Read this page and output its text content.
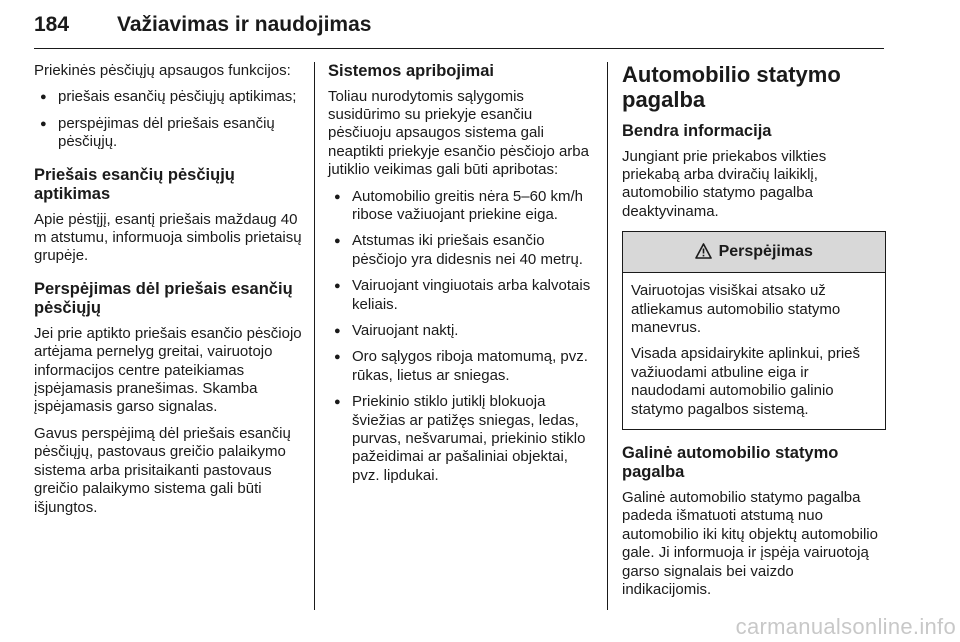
184 Važiavimas ir naudojimas

Priekinės pėsčiųjų apsaugos funkcijos:

● priešais esančių pėsčiųjų aptikimas;
● perspėjimas dėl priešais esančių pėsčiųjų.
Priešais esančių pėsčiųjų aptikimas

Apie pėstįjį, esantį priešais maždaug 40 m atstumu, informuoja simbolis prietaisų grupėje.

Perspėjimas dėl priešais esančių pėsčiųjų

Jei prie aptikto priešais esančio pėsčiojo artėjama pernelyg greitai, vairuotojo informacijos centre pateikiamas įspėjamasis pranešimas. Skamba įspėjamasis garso signalas.

Gavus perspėjimą dėl priešais esančių pėsčiųjų, pastovaus greičio palaikymo sistema arba prisitaikanti pastovaus greičio palaikymo sistema gali būti išjungtos.

Sistemos apribojimai

Toliau nurodytomis sąlygomis susidūrimo su priekyje esančiu pėsčiuoju apsaugos sistema gali neaptikti priekyje esančio pėsčiojo arba jutiklio veikimas gali būti apribotas:

● Automobilio greitis nėra 5–60 km/h ribose važiuojant priekine eiga.
● Atstumas iki priešais esančio pėsčiojo yra didesnis nei 40 metrų.
● Vairuojant vingiuotais arba kalvotais keliais.
● Vairuojant naktį.
● Oro sąlygos riboja matomumą, pvz. rūkas, lietus ar sniegas.
● Priekinio stiklo jutiklį blokuoja šviežias ar patižęs sniegas, ledas, purvas, nešvarumai, priekinio stiklo pažeidimai ar pašaliniai objektai, pvz. lipdukai.
Automobilio statymo pagalba
Bendra informacija

Jungiant prie priekabos vilkties priekabą arba dviračių laikiklį, automobilio statymo pagalba deaktyvinama.

Perspėjimas

Vairuotojas visiškai atsako už atliekamus automobilio statymo manevrus.

Visada apsidairykite aplinkui, prieš važiuodami atbuline eiga ir naudodami automobilio galinio statymo pagalbos sistemą.

Galinė automobilio statymo pagalba

Galinė automobilio statymo pagalba padeda išmatuoti atstumą nuo automobilio iki kitų objektų automobilio gale. Ji informuoja ir įspėja vairuotoją garso signalais bei vaizdo indikacijomis.

carmanualsonline.info
